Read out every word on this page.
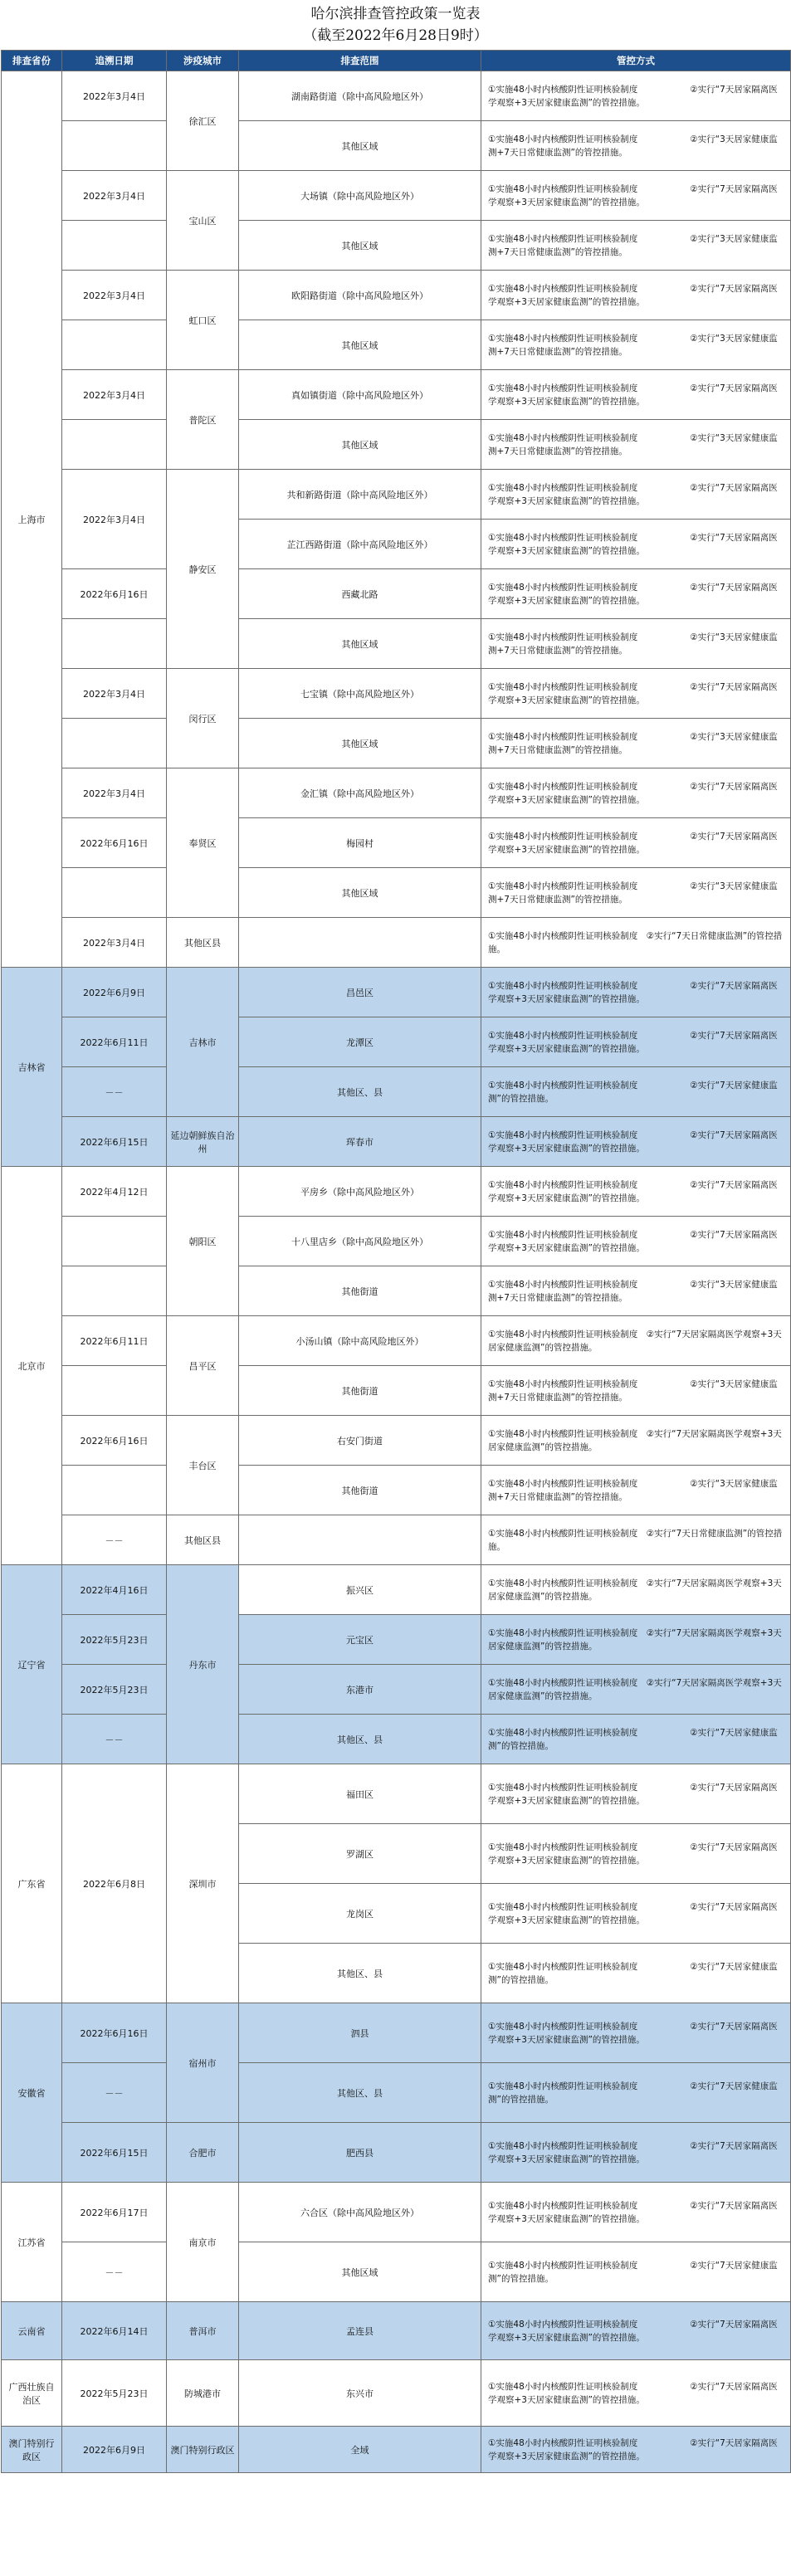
哈尔滨排查管控政策一览表
（截至2022年6月28日9时）
排查省份	追溯日期	涉疫城市	排查范围	管控方式
上海市	2022年3月4日	徐汇区	湖南路街道（除中高风险地区外）	①实施48小时内核酸阴性证明核验制度　　　　　　②实行“7天居家隔离医学观察+3天居家健康监测”的管控措施。
			其他区域	①实施48小时内核酸阴性证明核验制度　　　　　　②实行“3天居家健康监测+7天日常健康监测”的管控措施。
	2022年3月4日	宝山区	大场镇（除中高风险地区外）	①实施48小时内核酸阴性证明核验制度　　　　　　②实行“7天居家隔离医学观察+3天居家健康监测”的管控措施。
			其他区域	①实施48小时内核酸阴性证明核验制度　　　　　　②实行“3天居家健康监测+7天日常健康监测”的管控措施。
	2022年3月4日	虹口区	欧阳路街道（除中高风险地区外）	①实施48小时内核酸阴性证明核验制度　　　　　　②实行“7天居家隔离医学观察+3天居家健康监测”的管控措施。
			其他区域	①实施48小时内核酸阴性证明核验制度　　　　　　②实行“3天居家健康监测+7天日常健康监测”的管控措施。
	2022年3月4日	普陀区	真如镇街道（除中高风险地区外）	①实施48小时内核酸阴性证明核验制度　　　　　　②实行“7天居家隔离医学观察+3天居家健康监测”的管控措施。
			其他区域	①实施48小时内核酸阴性证明核验制度　　　　　　②实行“3天居家健康监测+7天日常健康监测”的管控措施。
	2022年3月4日	静安区	共和新路街道（除中高风险地区外）	①实施48小时内核酸阴性证明核验制度　　　　　　②实行“7天居家隔离医学观察+3天居家健康监测”的管控措施。
			芷江西路街道（除中高风险地区外）	①实施48小时内核酸阴性证明核验制度　　　　　　②实行“7天居家隔离医学观察+3天居家健康监测”的管控措施。
	2022年6月16日		西藏北路	①实施48小时内核酸阴性证明核验制度　　　　　　②实行“7天居家隔离医学观察+3天居家健康监测”的管控措施。
			其他区域	①实施48小时内核酸阴性证明核验制度　　　　　　②实行“3天居家健康监测+7天日常健康监测”的管控措施。
	2022年3月4日	闵行区	七宝镇（除中高风险地区外）	①实施48小时内核酸阴性证明核验制度　　　　　　②实行“7天居家隔离医学观察+3天居家健康监测”的管控措施。
			其他区域	①实施48小时内核酸阴性证明核验制度　　　　　　②实行“3天居家健康监测+7天日常健康监测”的管控措施。
	2022年3月4日	奉贤区	金汇镇（除中高风险地区外）	①实施48小时内核酸阴性证明核验制度　　　　　　②实行“7天居家隔离医学观察+3天居家健康监测”的管控措施。
	2022年6月16日		梅园村	①实施48小时内核酸阴性证明核验制度　　　　　　②实行“7天居家隔离医学观察+3天居家健康监测”的管控措施。
			其他区域	①实施48小时内核酸阴性证明核验制度　　　　　　②实行“3天居家健康监测+7天日常健康监测”的管控措施。
	2022年3月4日	其他区县		①实施48小时内核酸阴性证明核验制度　②实行“7天日常健康监测”的管控措施。
吉林省	2022年6月9日	吉林市	昌邑区	①实施48小时内核酸阴性证明核验制度　　　　　　②实行“7天居家隔离医学观察+3天居家健康监测”的管控措施。
	2022年6月11日		龙潭区	①实施48小时内核酸阴性证明核验制度　　　　　　②实行“7天居家隔离医学观察+3天居家健康监测”的管控措施。
	－－		其他区、县	①实施48小时内核酸阴性证明核验制度　　　　　　②实行“7天居家健康监测”的管控措施。
	2022年6月15日	延边朝鲜族自治州	珲春市	①实施48小时内核酸阴性证明核验制度　　　　　　②实行“7天居家隔离医学观察+3天居家健康监测”的管控措施。
北京市	2022年4月12日	朝阳区	平房乡（除中高风险地区外）	①实施48小时内核酸阴性证明核验制度　　　　　　②实行“7天居家隔离医学观察+3天居家健康监测”的管控措施。
			十八里店乡（除中高风险地区外）	①实施48小时内核酸阴性证明核验制度　　　　　　②实行“7天居家隔离医学观察+3天居家健康监测”的管控措施。
			其他街道	①实施48小时内核酸阴性证明核验制度　　　　　　②实行“3天居家健康监测+7天日常健康监测”的管控措施。
	2022年6月11日	昌平区	小汤山镇（除中高风险地区外）	①实施48小时内核酸阴性证明核验制度　②实行“7天居家隔离医学观察+3天居家健康监测”的管控措施。
			其他街道	①实施48小时内核酸阴性证明核验制度　　　　　　②实行“3天居家健康监测+7天日常健康监测”的管控措施。
	2022年6月16日	丰台区	右安门街道	①实施48小时内核酸阴性证明核验制度　②实行“7天居家隔离医学观察+3天居家健康监测”的管控措施。
			其他街道	①实施48小时内核酸阴性证明核验制度　　　　　　②实行“3天居家健康监测+7天日常健康监测”的管控措施。
	－－	其他区县		①实施48小时内核酸阴性证明核验制度　②实行“7天日常健康监测”的管控措施。
辽宁省	2022年4月16日	丹东市	振兴区	①实施48小时内核酸阴性证明核验制度　②实行“7天居家隔离医学观察+3天居家健康监测”的管控措施。
	2022年5月23日		元宝区	①实施48小时内核酸阴性证明核验制度　②实行“7天居家隔离医学观察+3天居家健康监测”的管控措施。
	2022年5月23日		东港市	①实施48小时内核酸阴性证明核验制度　②实行“7天居家隔离医学观察+3天居家健康监测”的管控措施。
	－－		其他区、县	①实施48小时内核酸阴性证明核验制度　　　　　　②实行“7天居家健康监测”的管控措施。
广东省	2022年6月8日	深圳市	福田区	①实施48小时内核酸阴性证明核验制度　　　　　　②实行“7天居家隔离医学观察+3天居家健康监测”的管控措施。
			罗湖区	①实施48小时内核酸阴性证明核验制度　　　　　　②实行“7天居家隔离医学观察+3天居家健康监测”的管控措施。
			龙岗区	①实施48小时内核酸阴性证明核验制度　　　　　　②实行“7天居家隔离医学观察+3天居家健康监测”的管控措施。
			其他区、县	①实施48小时内核酸阴性证明核验制度　　　　　　②实行“7天居家健康监测”的管控措施。
安徽省	2022年6月16日	宿州市	泗县	①实施48小时内核酸阴性证明核验制度　　　　　　②实行“7天居家隔离医学观察+3天居家健康监测”的管控措施。
	－－		其他区、县	①实施48小时内核酸阴性证明核验制度　　　　　　②实行“7天居家健康监测”的管控措施。
	2022年6月15日	合肥市	肥西县	①实施48小时内核酸阴性证明核验制度　　　　　　②实行“7天居家隔离医学观察+3天居家健康监测”的管控措施。
江苏省	2022年6月17日	南京市	六合区（除中高风险地区外）	①实施48小时内核酸阴性证明核验制度　　　　　　②实行“7天居家隔离医学观察+3天居家健康监测”的管控措施。
	－－		其他区域	①实施48小时内核酸阴性证明核验制度　　　　　　②实行“7天居家健康监测”的管控措施。
云南省	2022年6月14日	普洱市	孟连县	①实施48小时内核酸阴性证明核验制度　　　　　　②实行“7天居家隔离医学观察+3天居家健康监测”的管控措施。
广西壮族自治区	2022年5月23日	防城港市	东兴市	①实施48小时内核酸阴性证明核验制度　　　　　　②实行“7天居家隔离医学观察+3天居家健康监测”的管控措施。
澳门特别行政区	2022年6月9日	澳门特别行政区	全域	①实施48小时内核酸阴性证明核验制度　　　　　　②实行“7天居家隔离医学观察+3天居家健康监测”的管控措施。
